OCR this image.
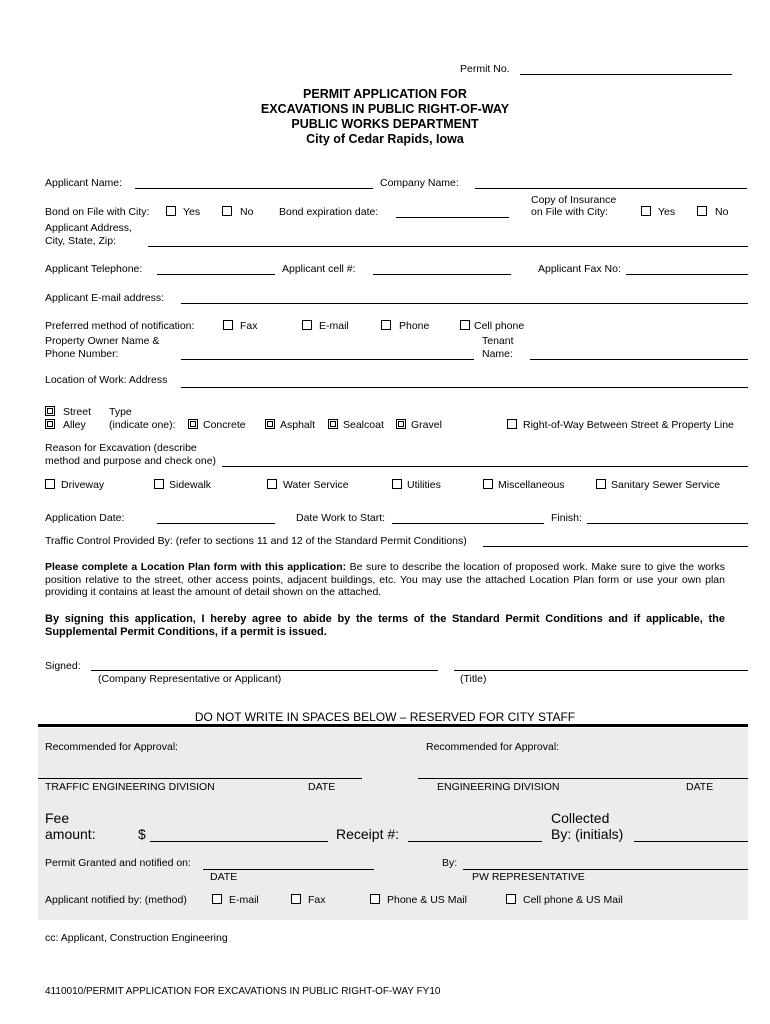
Permit No.
PERMIT APPLICATION FOR
EXCAVATIONS IN PUBLIC RIGHT-OF-WAY
PUBLIC WORKS DEPARTMENT
City of Cedar Rapids, Iowa
Applicant Name:	Company Name:
Bond on File with City:	Yes	No Bond expiration date:
Copy of Insurance
on File with City:	Yes	No
Applicant Address,
City, State, Zip:
Applicant Telephone:	Applicant cell #:	Applicant Fax No:
Applicant E-mail address:
Preferred method of notification:	Fax	E-mail	Phone	Cell phone
Property Owner Name &
Phone Number:
Tenant
Name:
Location of Work: Address
Street
Alley
Type
(indicate one):	Concrete	Asphalt	Sealcoat	Gravel	Right-of-Way Between Street & Property Line
Reason for Excavation (describe
method and purpose and check one)
Driveway	Sidewalk	Water Service	Utilities	Miscellaneous	Sanitary Sewer Service
Application Date:	Date Work to Start:	Finish:
Traffic Control Provided By: (refer to sections 11 and 12 of the Standard Permit Conditions)
Please complete a Location Plan form with this application: Be sure to describe the location of proposed work. Make sure to give the works position relative to the street, other access points, adjacent buildings, etc. You may use the attached Location Plan form or use your own plan providing it contains at least the amount of detail shown on the attached.
By signing this application, I hereby agree to abide by the terms of the Standard Permit Conditions and if applicable, the Supplemental Permit Conditions, if a permit is issued.
Signed:
(Company Representative or Applicant)	(Title)
DO NOT WRITE IN SPACES BELOW – RESERVED FOR CITY STAFF
Recommended for Approval:	Recommended for Approval:
TRAFFIC ENGINEERING DIVISION	DATE	ENGINEERING DIVISION	DATE
Fee
amount:	$	Receipt #:
Collected
By: (initials)
Permit Granted and notified on:
DATE
By:
PW REPRESENTATIVE
Applicant notified by: (method)	E-mail	Fax	Phone & US Mail	Cell phone & US Mail
cc: Applicant, Construction Engineering
4110010/PERMIT APPLICATION FOR EXCAVATIONS IN PUBLIC RIGHT-OF-WAY FY10
